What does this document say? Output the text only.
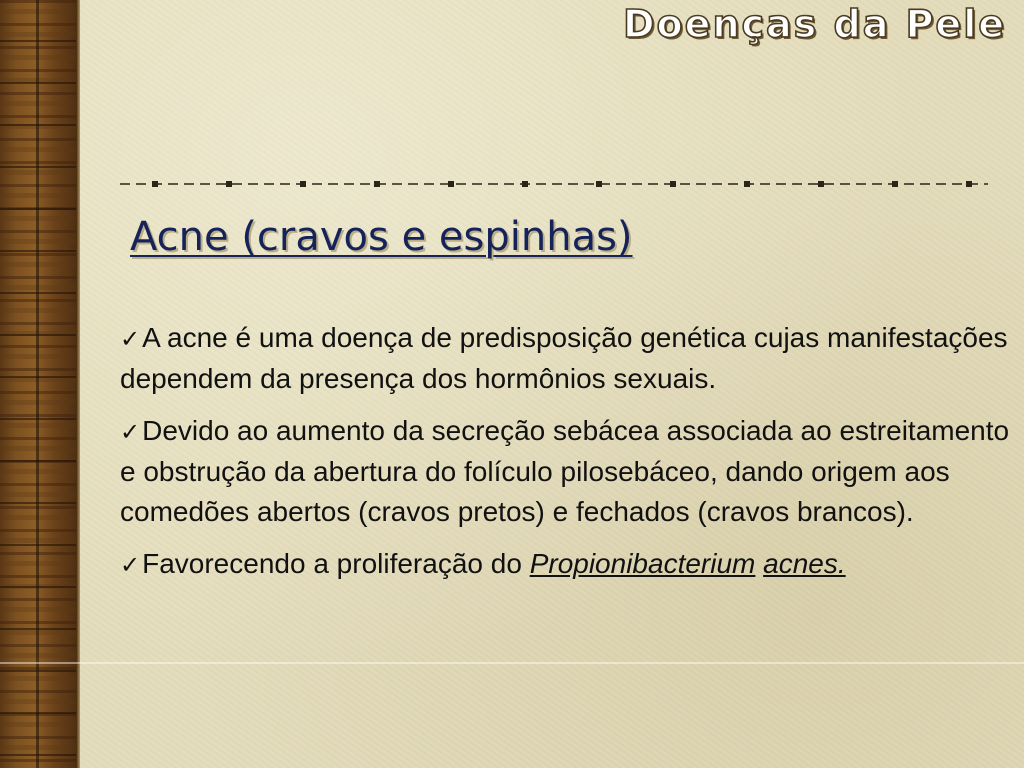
Doenças da Pele
Acne (cravos e espinhas)
✓A acne é uma doença de predisposição genética cujas manifestações dependem da presença dos hormônios sexuais.
✓Devido ao aumento da secreção sebácea associada ao estreitamento e obstrução da abertura do folículo pilosebáceo, dando origem aos comedões abertos (cravos pretos) e fechados (cravos brancos).
✓Favorecendo a proliferação do Propionibacterium acnes.
